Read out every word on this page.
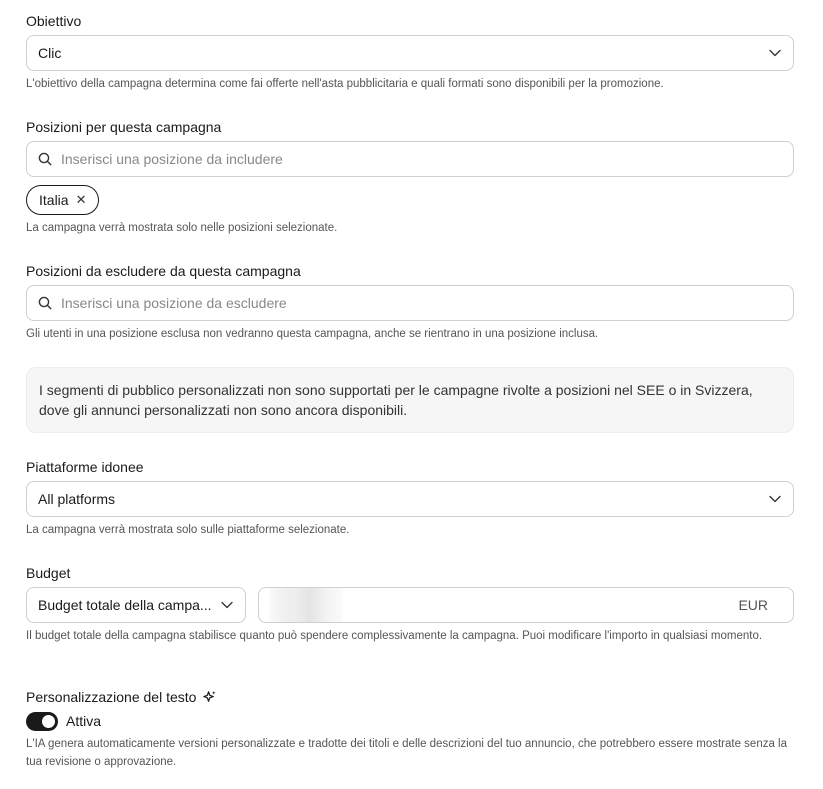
Obiettivo
Clic
L'obiettivo della campagna determina come fai offerte nell'asta pubblicitaria e quali formati sono disponibili per la promozione.
Posizioni per questa campagna
Inserisci una posizione da includere
Italia ✕
La campagna verrà mostrata solo nelle posizioni selezionate.
Posizioni da escludere da questa campagna
Inserisci una posizione da escludere
Gli utenti in una posizione esclusa non vedranno questa campagna, anche se rientrano in una posizione inclusa.
I segmenti di pubblico personalizzati non sono supportati per le campagne rivolte a posizioni nel SEE o in Svizzera, dove gli annunci personalizzati non sono ancora disponibili.
Piattaforme idonee
All platforms
La campagna verrà mostrata solo sulle piattaforme selezionate.
Budget
Budget totale della campa...	EUR
Il budget totale della campagna stabilisce quanto può spendere complessivamente la campagna. Puoi modificare l'importo in qualsiasi momento.
Personalizzazione del testo
Attiva
L'IA genera automaticamente versioni personalizzate e tradotte dei titoli e delle descrizioni del tuo annuncio, che potrebbero essere mostrate senza la tua revisione o approvazione.
